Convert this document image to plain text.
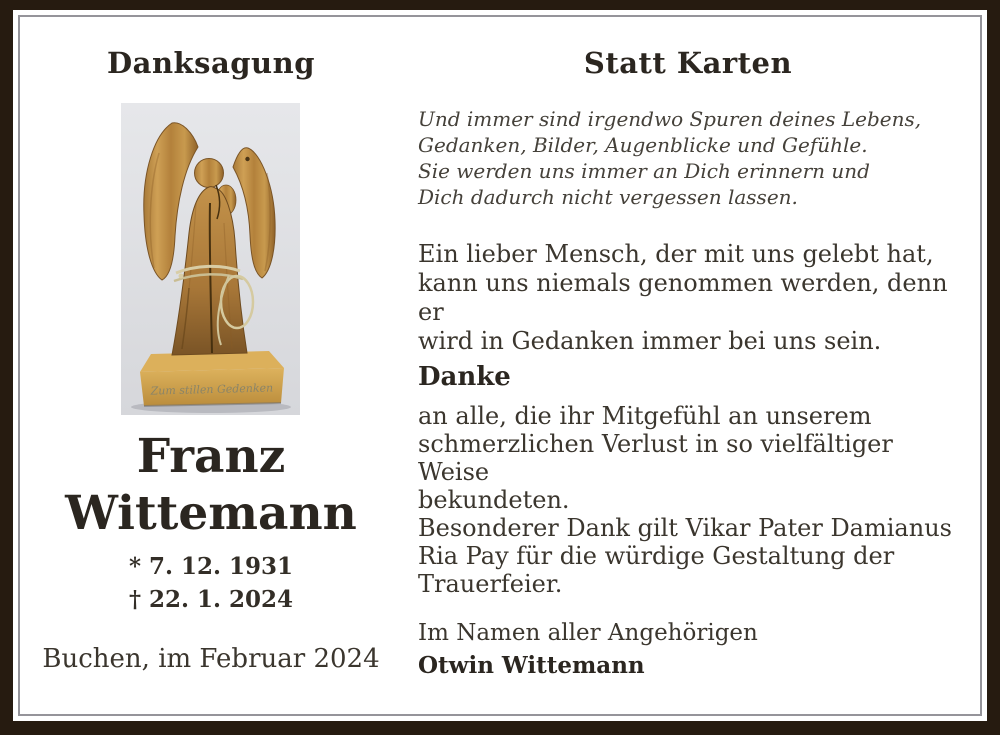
Danksagung
Zum stillen Gedenken
Franz
Wittemann
* 7. 12. 1931
† 22. 1. 2024
Buchen, im Februar 2024
Statt Karten
Und immer sind irgendwo Spuren deines Lebens,
Gedanken, Bilder, Augenblicke und Gefühle.
Sie werden uns immer an Dich erinnern und
Dich dadurch nicht vergessen lassen.
Ein lieber Mensch, der mit uns gelebt hat,
kann uns niemals genommen werden, denn er
wird in Gedanken immer bei uns sein.
Danke
an alle, die ihr Mitgefühl an unserem
schmerzlichen Verlust in so vielfältiger Weise
bekundeten.
Besonderer Dank gilt Vikar Pater Damianus
Ria Pay für die würdige Gestaltung der
Trauerfeier.
Im Namen aller Angehörigen
Otwin Wittemann
